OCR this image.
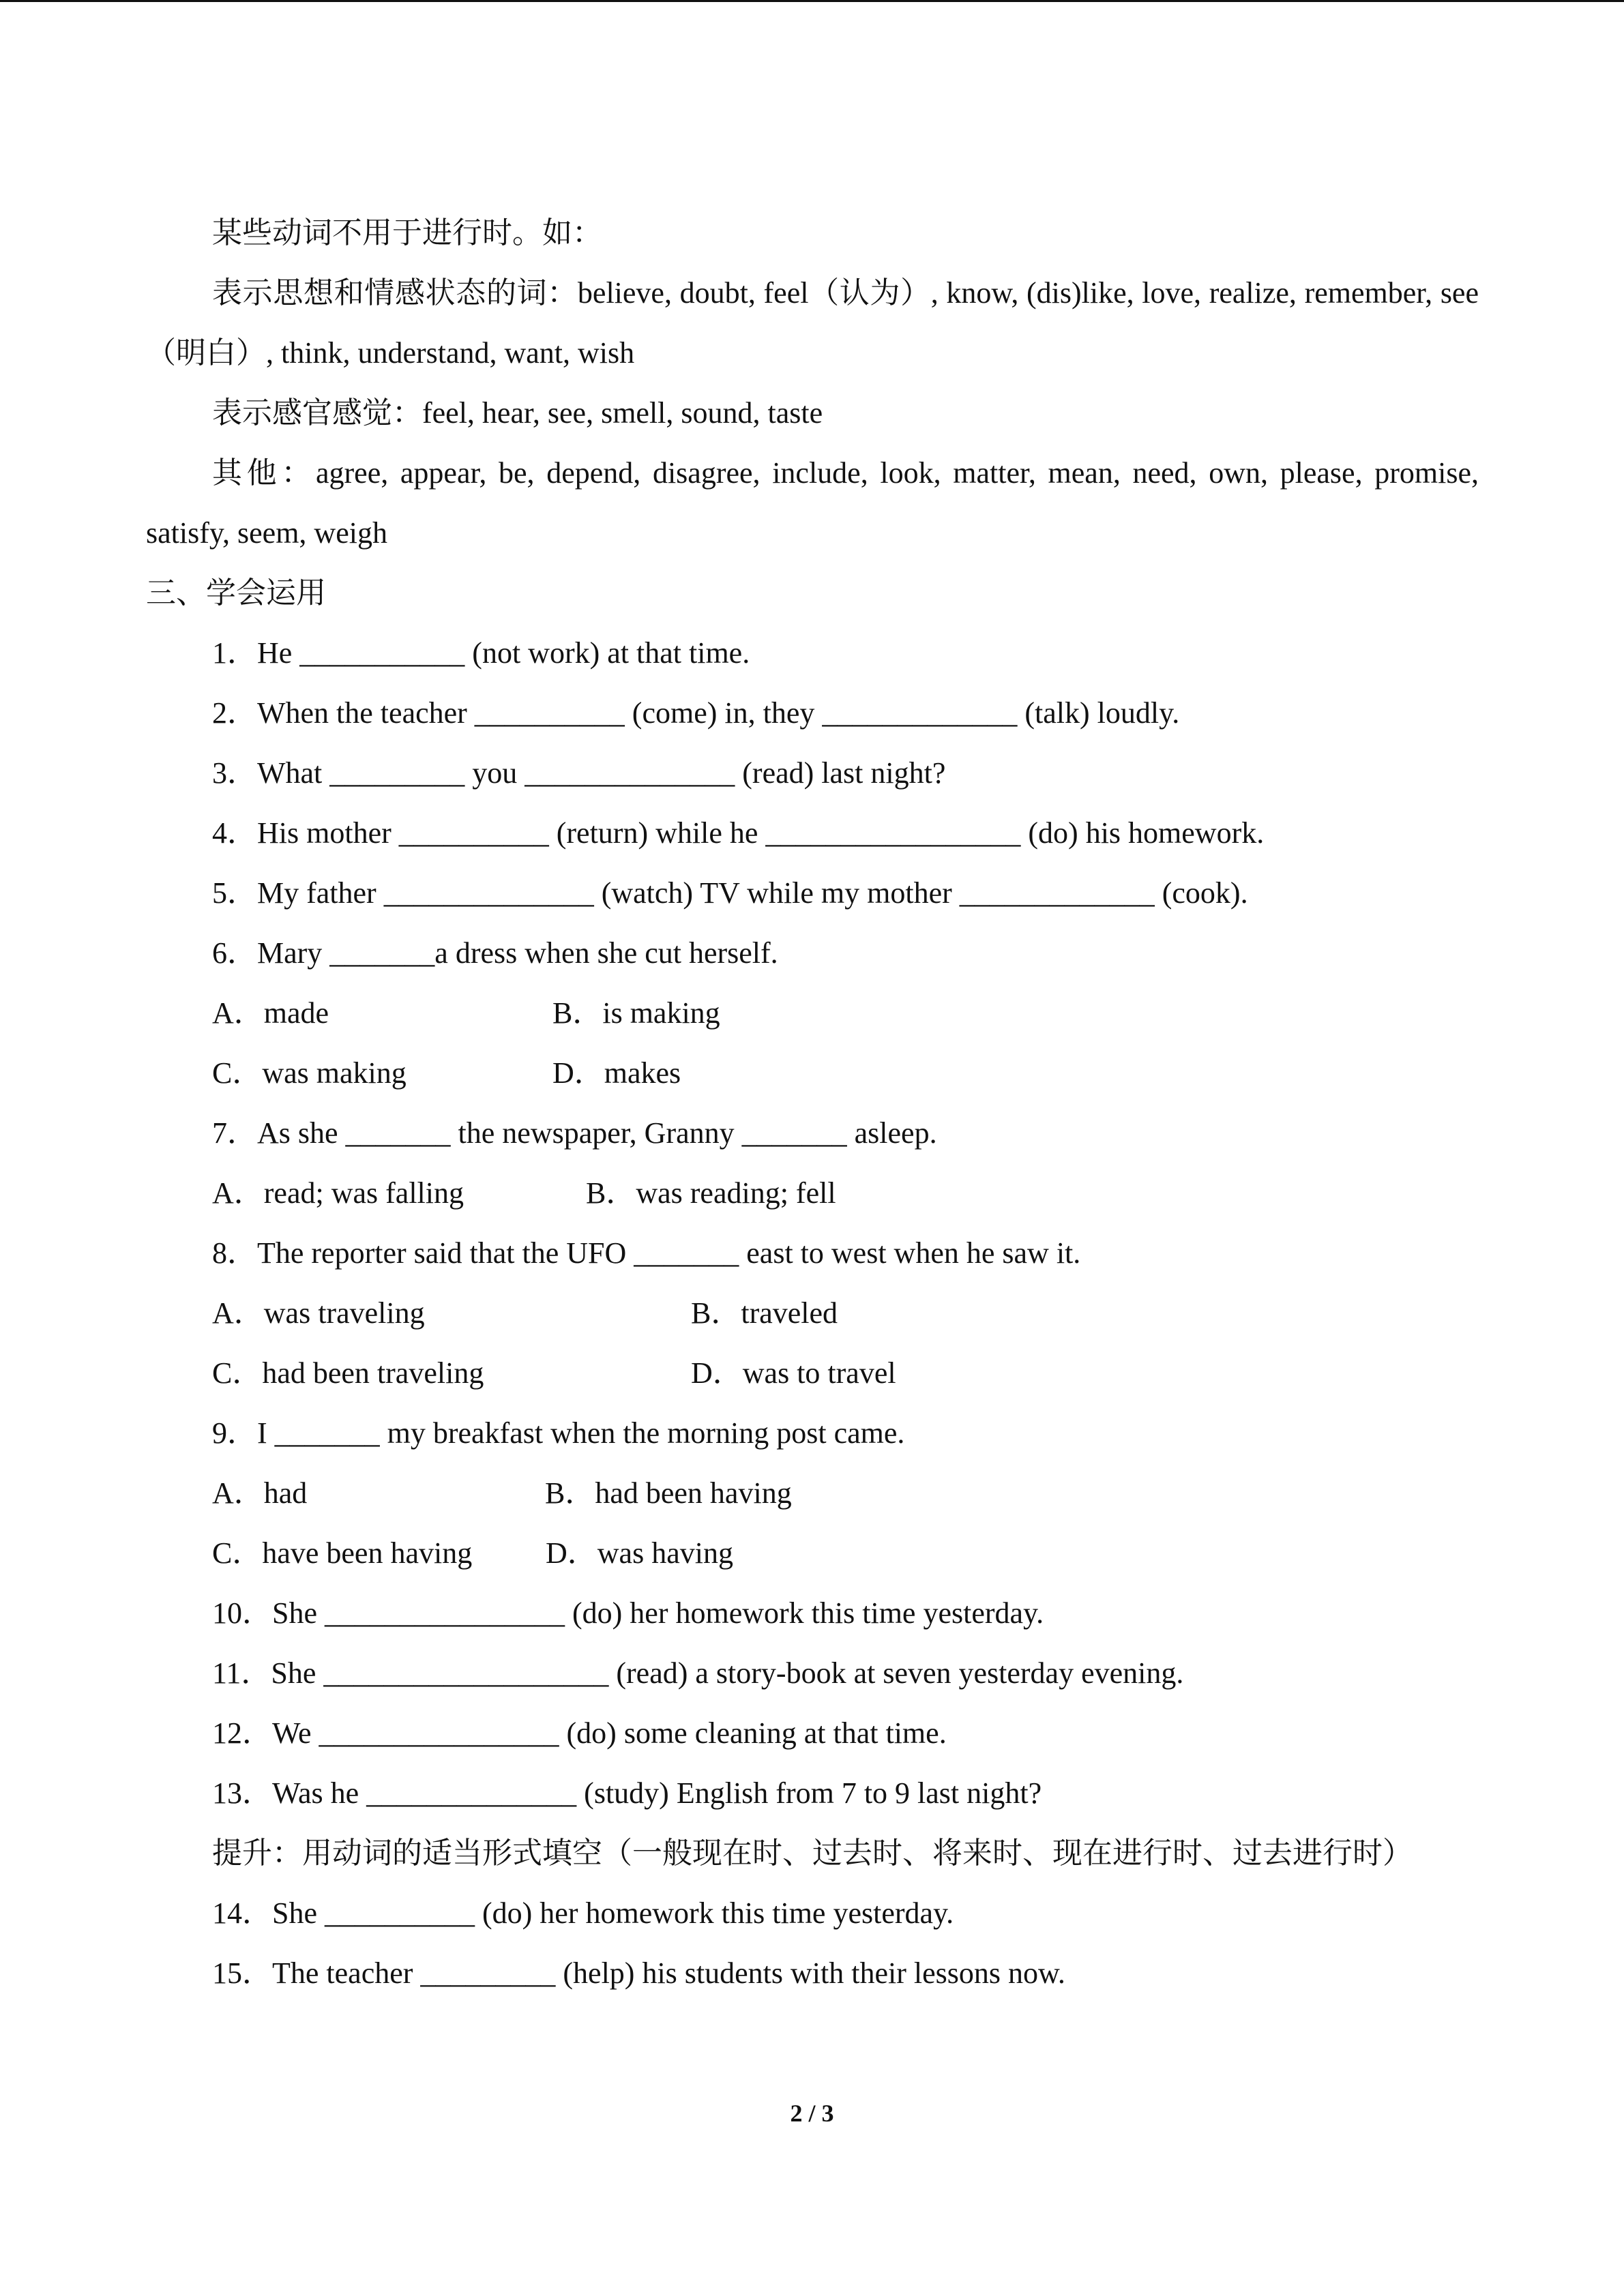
某些动词不用于进行时。如：

表示思想和情感状态的词：believe, doubt, feel（认为）, know, (dis)like, love, realize, remember, see（明白）, think, understand, want, wish

表示感官感觉：feel, hear, see, smell, sound, taste

其他：agree, appear, be, depend, disagree, include, look, matter, mean, need, own, please, promise, satisfy, seem, weigh

三、学会运用

1．He ___________ (not work) at that time.

2．When the teacher __________ (come) in, they _____________ (talk) loudly.

3．What _________ you ______________ (read) last night?

4．His mother __________ (return) while he _________________ (do) his homework.

5．My father ______________ (watch) TV while my mother _____________ (cook).

6．Mary _______a dress when she cut herself.

A．made	B．is making

C．was making	D．makes

7．As she _______ the newspaper, Granny _______ asleep.

A．read; was falling	B．was reading; fell

8．The reporter said that the UFO _______ east to west when he saw it.

A．was traveling	B．traveled

C．had been traveling	D．was to travel

9．I _______ my breakfast when the morning post came.

A．had	B．had been having

C．have been having D．was having

10．She ________________ (do) her homework this time yesterday.

11．She ___________________ (read) a story-book at seven yesterday evening.

12．We ________________ (do) some cleaning at that time.

13．Was he ______________ (study) English from 7 to 9 last night?

提升：用动词的适当形式填空（一般现在时、过去时、将来时、现在进行时、过去进行时）

14．She __________ (do) her homework this time yesterday.

15．The teacher _________ (help) his students with their lessons now.

2 / 3
